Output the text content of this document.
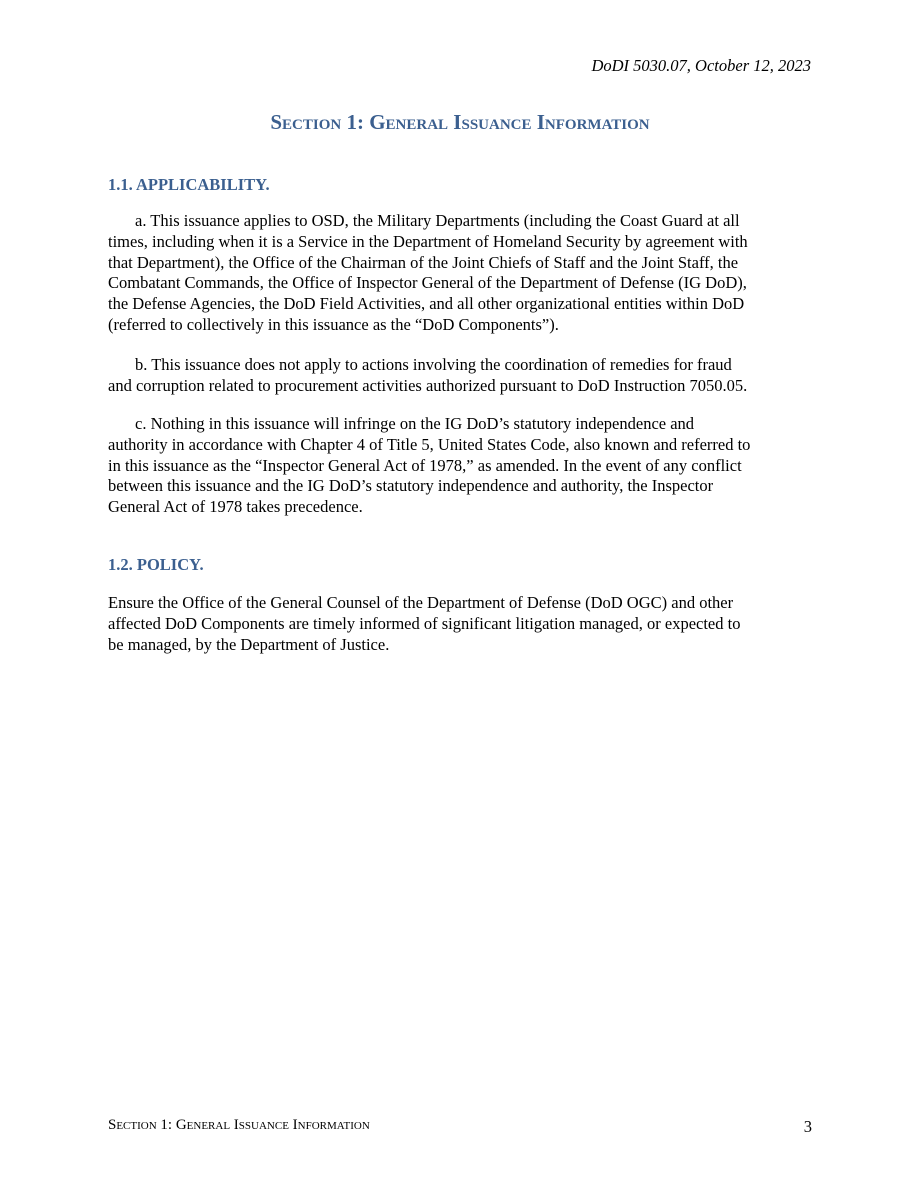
DoDI 5030.07, October 12, 2023
Section 1: General Issuance Information
1.1. APPLICABILITY.
a. This issuance applies to OSD, the Military Departments (including the Coast Guard at all
times, including when it is a Service in the Department of Homeland Security by agreement with
that Department), the Office of the Chairman of the Joint Chiefs of Staff and the Joint Staff, the
Combatant Commands, the Office of Inspector General of the Department of Defense (IG DoD),
the Defense Agencies, the DoD Field Activities, and all other organizational entities within DoD
(referred to collectively in this issuance as the “DoD Components”).
b. This issuance does not apply to actions involving the coordination of remedies for fraud
and corruption related to procurement activities authorized pursuant to DoD Instruction 7050.05.
c. Nothing in this issuance will infringe on the IG DoD’s statutory independence and
authority in accordance with Chapter 4 of Title 5, United States Code, also known and referred to
in this issuance as the “Inspector General Act of 1978,” as amended. In the event of any conflict
between this issuance and the IG DoD’s statutory independence and authority, the Inspector
General Act of 1978 takes precedence.
1.2. POLICY.
Ensure the Office of the General Counsel of the Department of Defense (DoD OGC) and other
affected DoD Components are timely informed of significant litigation managed, or expected to
be managed, by the Department of Justice.
Section 1: General Issuance Information	3
